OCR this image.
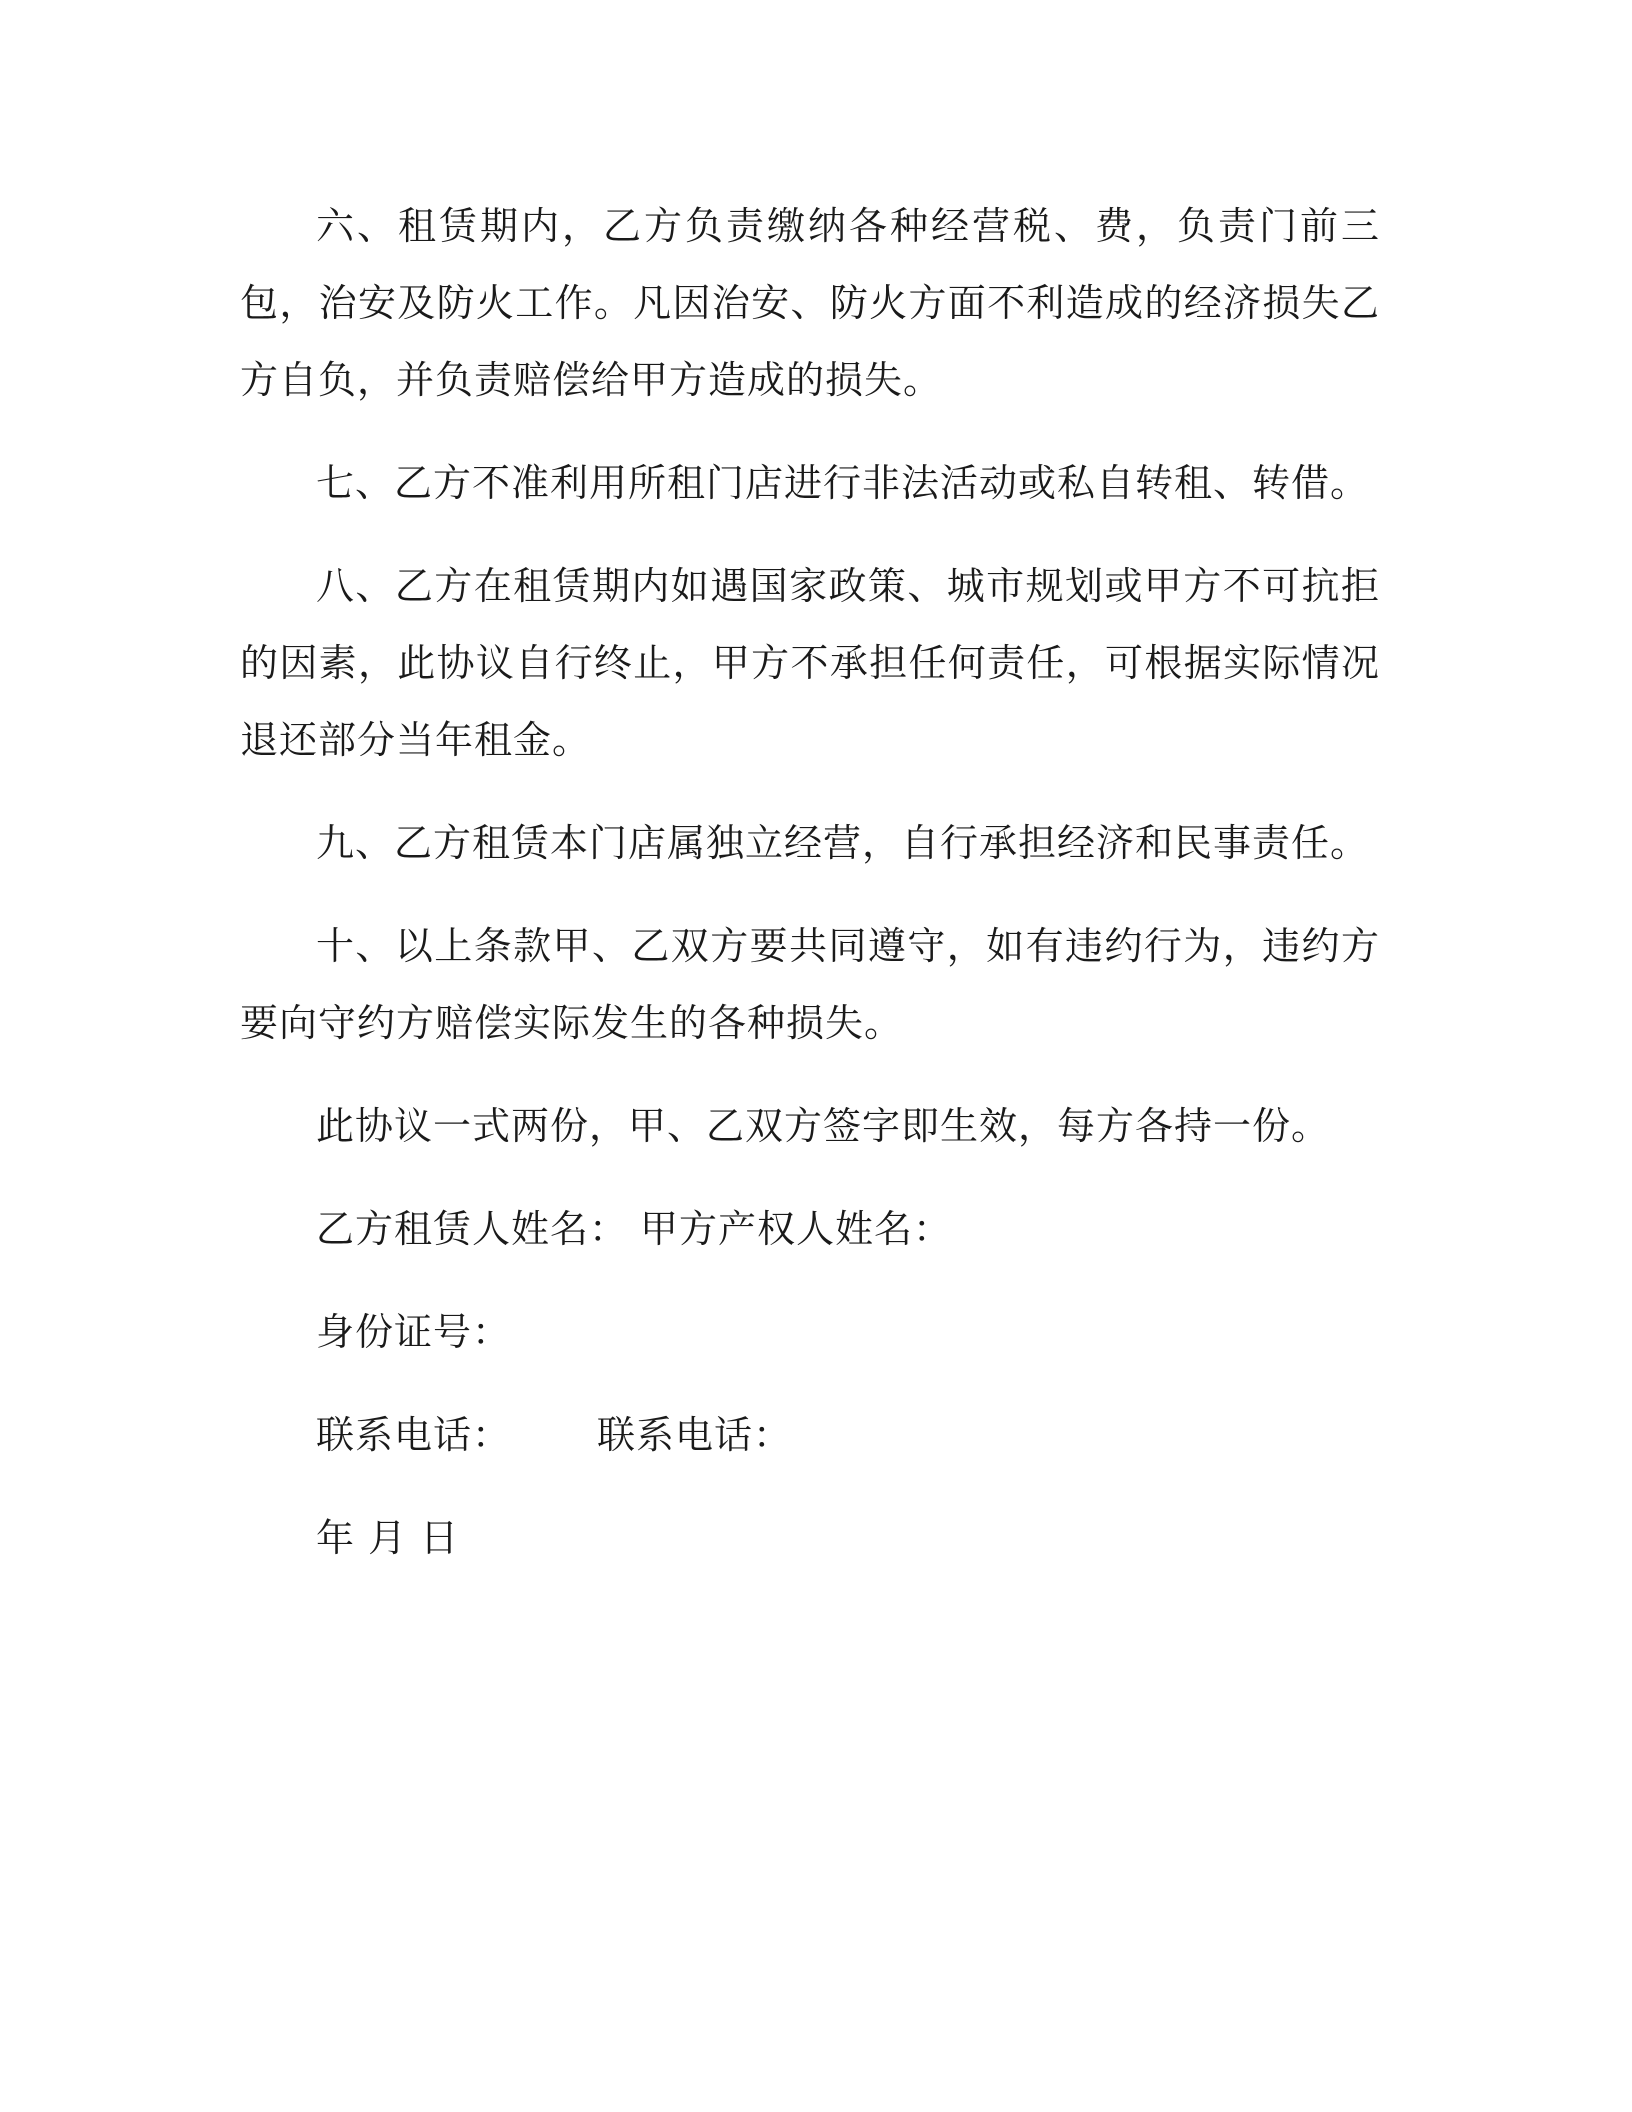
六、租赁期内，乙方负责缴纳各种经营税、费，负责门前三包，治安及防火工作。凡因治安、防火方面不利造成的经济损失乙方自负，并负责赔偿给甲方造成的损失。

七、乙方不准利用所租门店进行非法活动或私自转租、转借。

八、乙方在租赁期内如遇国家政策、城市规划或甲方不可抗拒的因素，此协议自行终止，甲方不承担任何责任，可根据实际情况退还部分当年租金。

九、乙方租赁本门店属独立经营，自行承担经济和民事责任。

十、以上条款甲、乙双方要共同遵守，如有违约行为，违约方要向守约方赔偿实际发生的各种损失。

此协议一式两份，甲、乙双方签字即生效，每方各持一份。

乙方租赁人姓名： 甲方产权人姓名：
身份证号：
联系电话： 联系电话：
年 月 日
